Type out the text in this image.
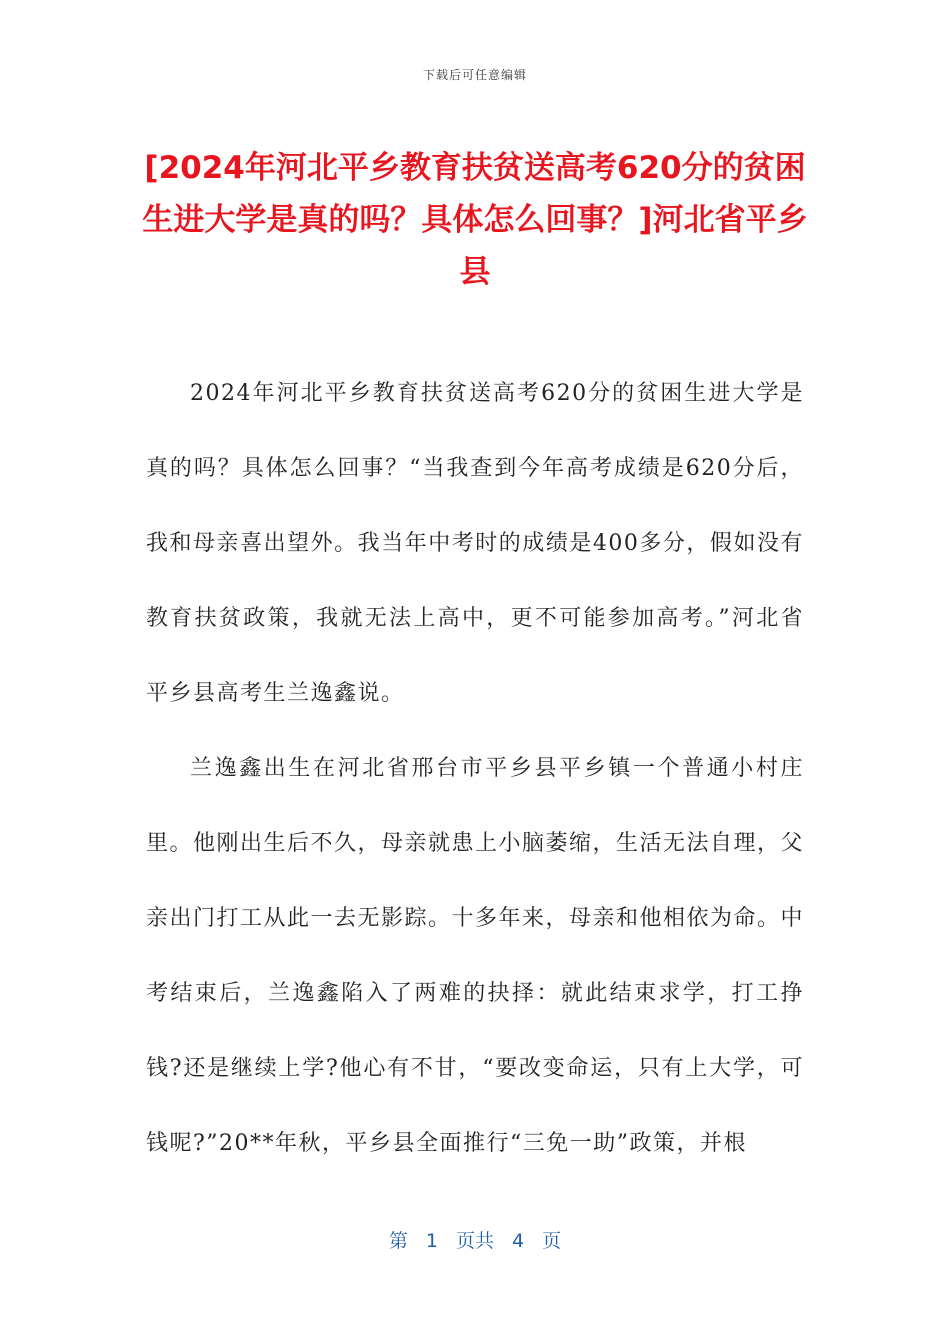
下载后可任意编辑
[2024年河北平乡教育扶贫送高考620分的贫困生进大学是真的吗？具体怎么回事？]河北省平乡县

2024年河北平乡教育扶贫送高考620分的贫困生进大学是真的吗？具体怎么回事？“当我查到今年高考成绩是620分后，我和母亲喜出望外。我当年中考时的成绩是400多分，假如没有教育扶贫政策，我就无法上高中，更不可能参加高考。”河北省平乡县高考生兰逸鑫说。

兰逸鑫出生在河北省邢台市平乡县平乡镇一个普通小村庄里。他刚出生后不久，母亲就患上小脑萎缩，生活无法自理，父亲出门打工从此一去无影踪。十多年来，母亲和他相依为命。中考结束后，兰逸鑫陷入了两难的抉择：就此结束求学，打工挣钱?还是继续上学?他心有不甘，“要改变命运，只有上大学，可钱呢?”20**年秋，平乡县全面推行“三免一助”政策，并根

第 1 页共 4 页
